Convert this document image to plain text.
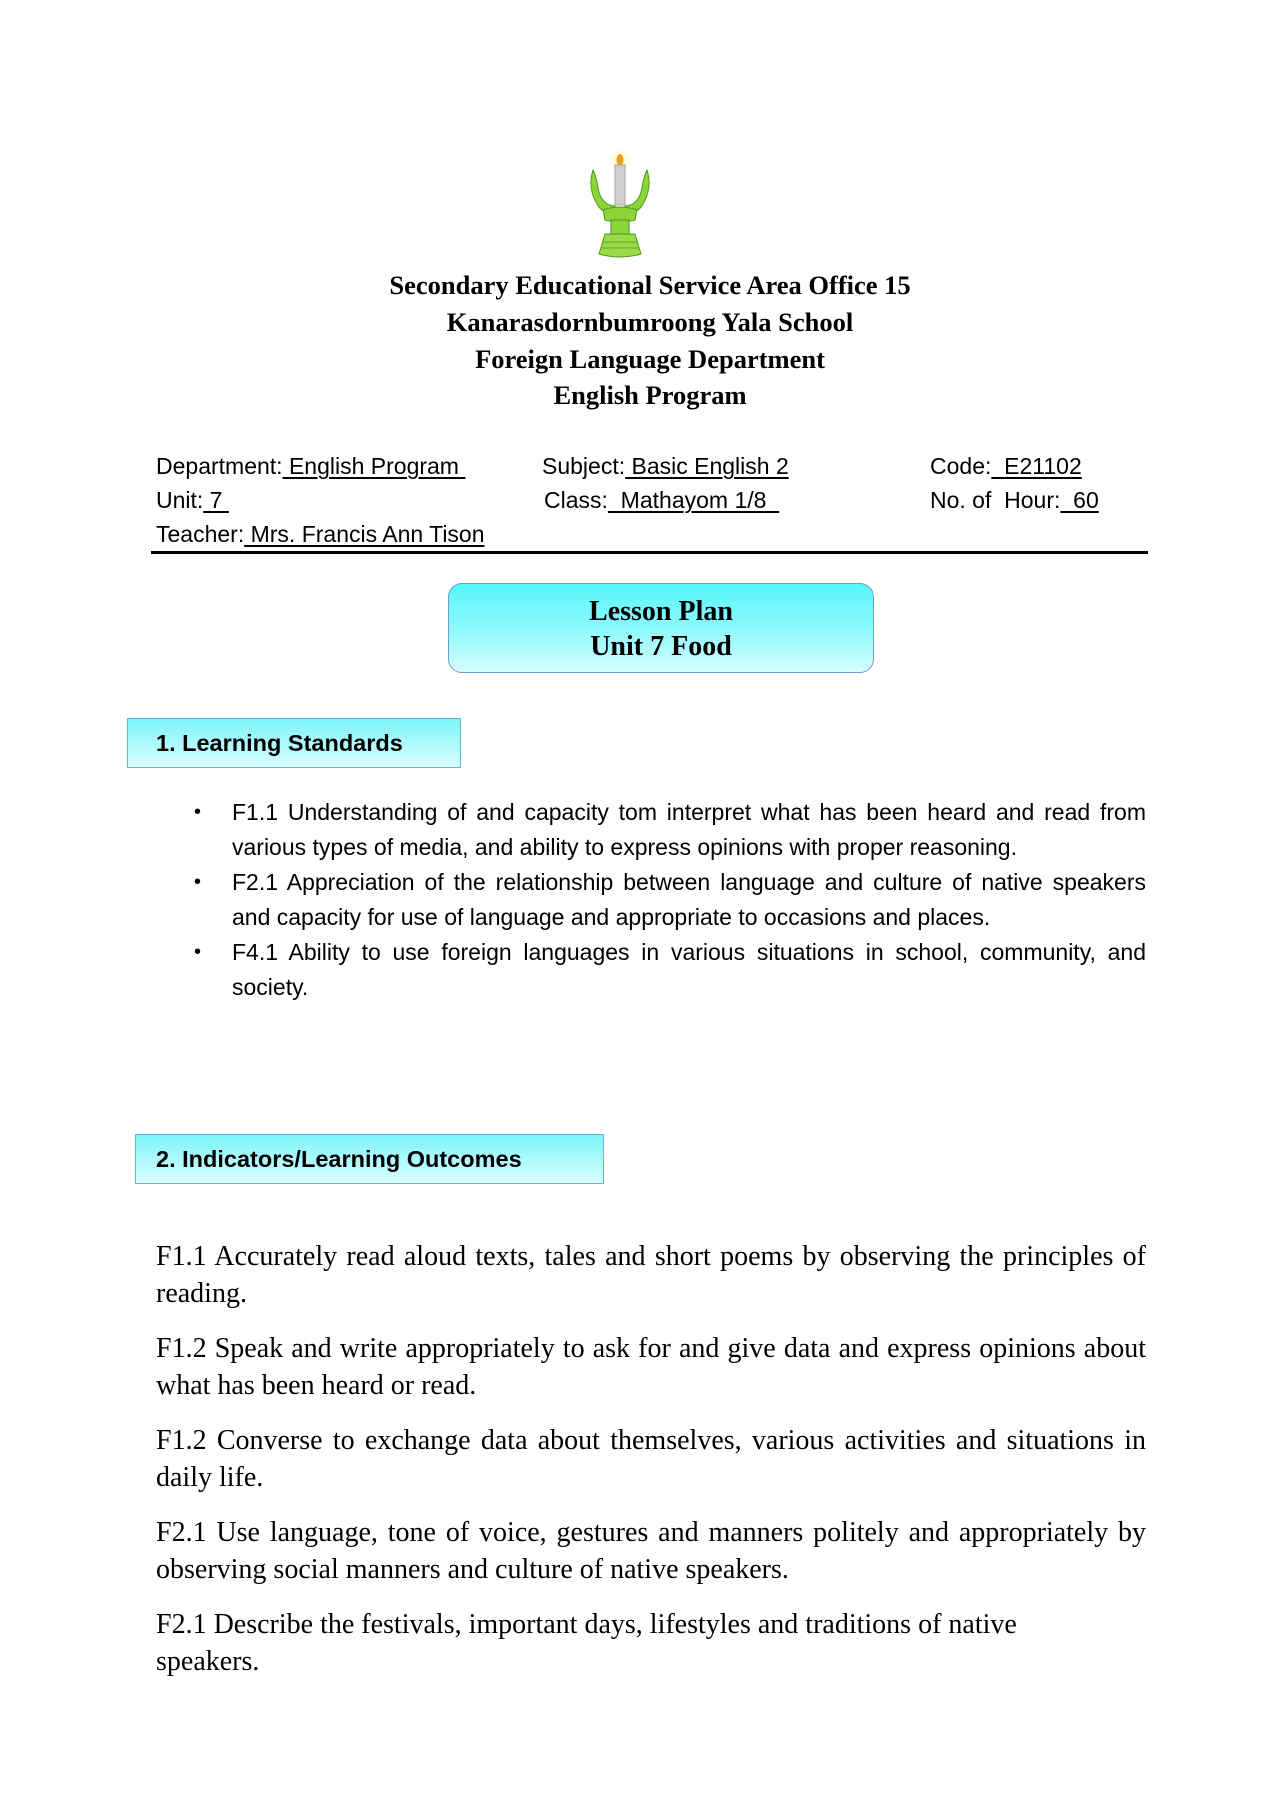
Secondary Educational Service Area Office 15
Kanarasdornbumroong Yala School
Foreign Language Department
English Program
Department: English Program	Subject: Basic English 2	Code:  E21102
Unit: 7	Class:  Mathayom 1/8	No. of  Hour:  60
Teacher: Mrs. Francis Ann Tison
Lesson Plan
Unit 7 Food
1. Learning Standards
• F1.1 Understanding of and capacity tom interpret what has been heard and read from various types of media, and ability to express opinions with proper reasoning.
• F2.1 Appreciation of the relationship between language and culture of native speakers and capacity for use of language and appropriate to occasions and places.
• F4.1 Ability to use foreign languages in various situations in school, community, and society.
2. Indicators/Learning Outcomes

F1.1 Accurately read aloud texts, tales and short poems by observing the principles of reading.

F1.2 Speak and write appropriately to ask for and give data and express opinions about what has been heard or read.

F1.2 Converse to exchange data about themselves, various activities and situations in daily life.

F2.1 Use language, tone of voice, gestures and manners politely and appropriately by observing social manners and culture of native speakers.

F2.1 Describe the festivals, important days, lifestyles and traditions of native

speakers.
